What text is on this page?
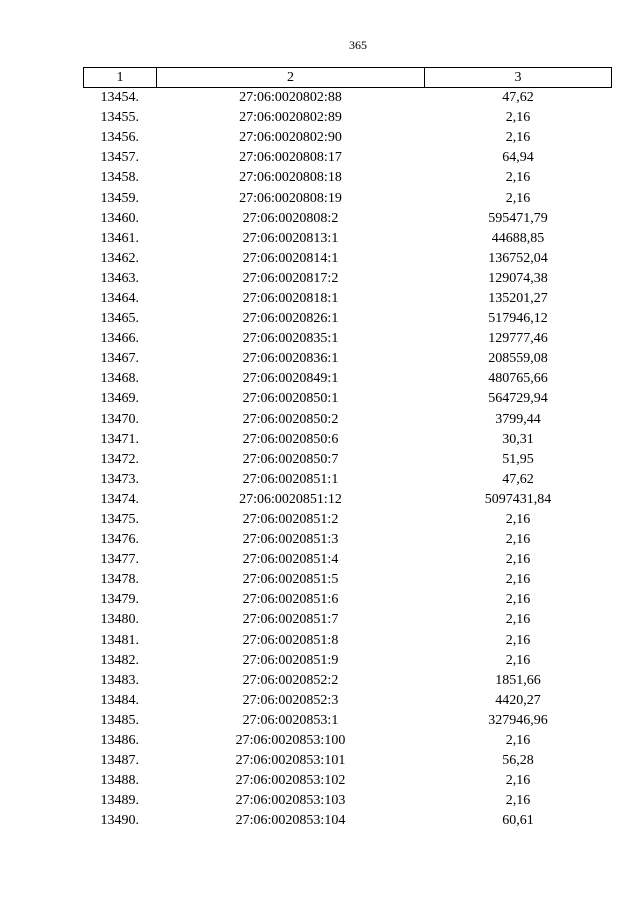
365
1	2	3
13454.	27:06:0020802:88	47,62
13455.	27:06:0020802:89	2,16
13456.	27:06:0020802:90	2,16
13457.	27:06:0020808:17	64,94
13458.	27:06:0020808:18	2,16
13459.	27:06:0020808:19	2,16
13460.	27:06:0020808:2	595471,79
13461.	27:06:0020813:1	44688,85
13462.	27:06:0020814:1	136752,04
13463.	27:06:0020817:2	129074,38
13464.	27:06:0020818:1	135201,27
13465.	27:06:0020826:1	517946,12
13466.	27:06:0020835:1	129777,46
13467.	27:06:0020836:1	208559,08
13468.	27:06:0020849:1	480765,66
13469.	27:06:0020850:1	564729,94
13470.	27:06:0020850:2	3799,44
13471.	27:06:0020850:6	30,31
13472.	27:06:0020850:7	51,95
13473.	27:06:0020851:1	47,62
13474.	27:06:0020851:12	5097431,84
13475.	27:06:0020851:2	2,16
13476.	27:06:0020851:3	2,16
13477.	27:06:0020851:4	2,16
13478.	27:06:0020851:5	2,16
13479.	27:06:0020851:6	2,16
13480.	27:06:0020851:7	2,16
13481.	27:06:0020851:8	2,16
13482.	27:06:0020851:9	2,16
13483.	27:06:0020852:2	1851,66
13484.	27:06:0020852:3	4420,27
13485.	27:06:0020853:1	327946,96
13486.	27:06:0020853:100	2,16
13487.	27:06:0020853:101	56,28
13488.	27:06:0020853:102	2,16
13489.	27:06:0020853:103	2,16
13490.	27:06:0020853:104	60,61
